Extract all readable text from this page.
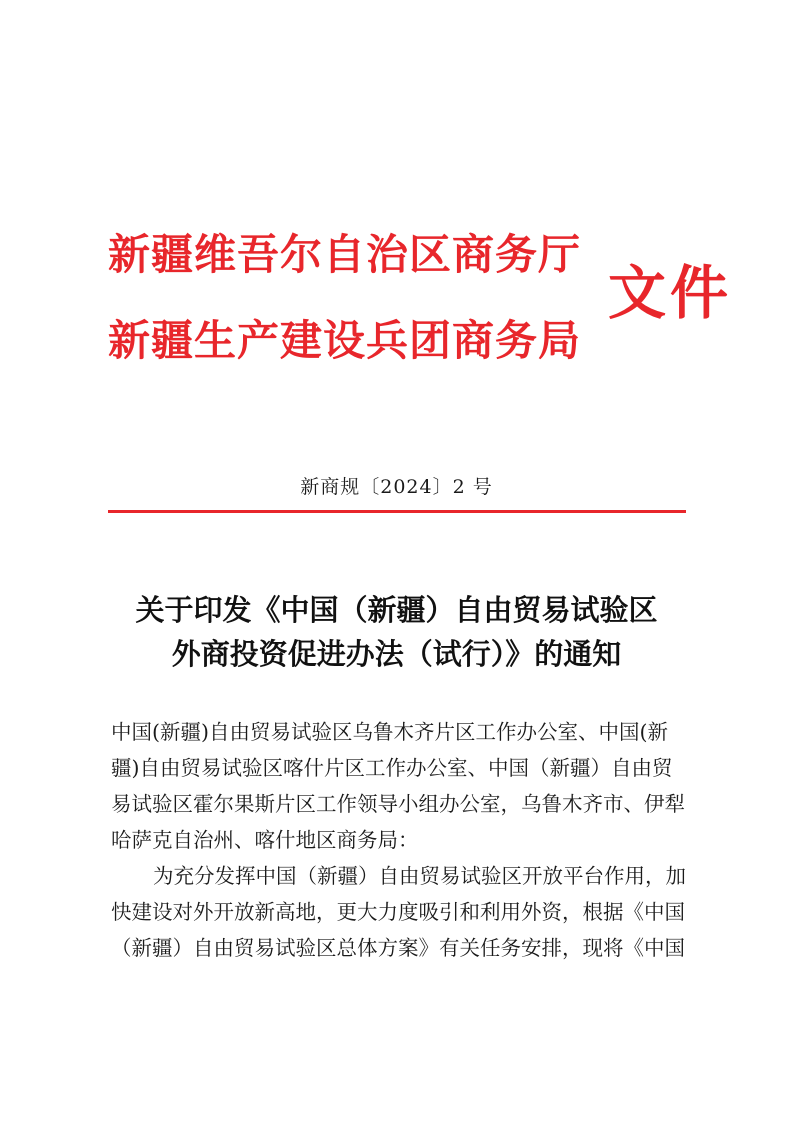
新疆维吾尔自治区商务厅
新疆生产建设兵团商务局
文件
新商规〔2024〕2 号
关于印发《中国（新疆）自由贸易试验区
外商投资促进办法（试行）》的通知
中国(新疆)自由贸易试验区乌鲁木齐片区工作办公室、中国(新
疆)自由贸易试验区喀什片区工作办公室、中国（新疆）自由贸
易试验区霍尔果斯片区工作领导小组办公室，乌鲁木齐市、伊犁
哈萨克自治州、喀什地区商务局：
为充分发挥中国（新疆）自由贸易试验区开放平台作用，加
快建设对外开放新高地，更大力度吸引和利用外资，根据《中国
（新疆）自由贸易试验区总体方案》有关任务安排，现将《中国
